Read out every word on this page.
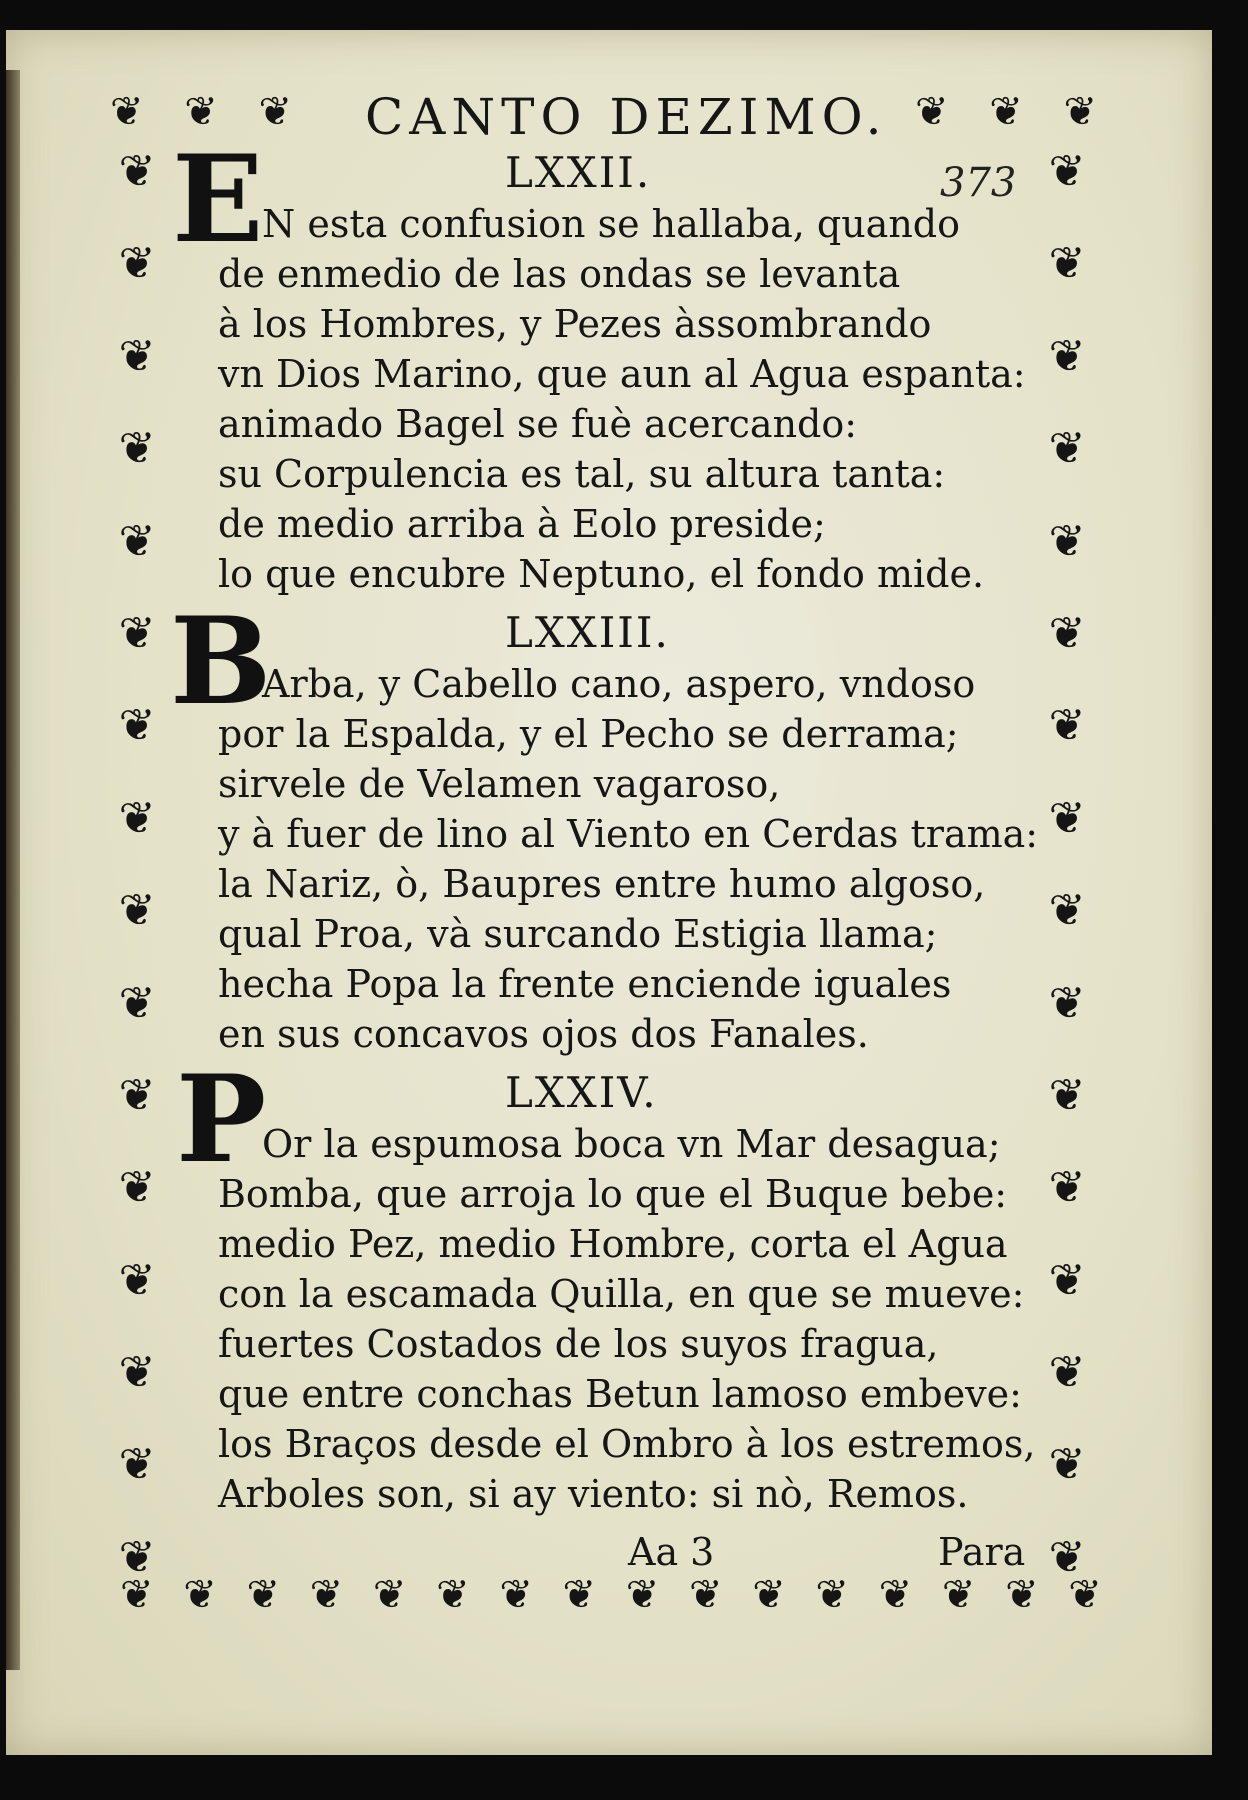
❦ ❦ ❦	❦ ❦ ❦
❦
❦
❦
❦
❦
❦
❦
❦
❦
❦
❦
❦
❦
❦
❦
❦
❦
❦
❦
❦
❦
❦
❦
❦
❦
❦
❦
❦
❦
❦
❦
❦
❦ ❦ ❦ ❦ ❦ ❦ ❦ ❦ ❦ ❦ ❦ ❦ ❦ ❦ ❦ ❦
CANTO DEZIMO.
373
LXXII.
E
N esta confusion se hallaba, quando
de enmedio de las ondas se levanta
à los Hombres, y Pezes àssombrando
vn Dios Marino, que aun al Agua espanta:
animado Bagel se fuè acercando:
su Corpulencia es tal, su altura tanta:
de medio arriba à Eolo preside;
lo que encubre Neptuno, el fondo mide.
LXXIII.
B
Arba, y Cabello cano, aspero, vndoso
por la Espalda, y el Pecho se derrama;
sirvele de Velamen vagaroso,
y à fuer de lino al Viento en Cerdas trama:
la Nariz, ò, Baupres entre humo algoso,
qual Proa, và surcando Estigia llama;
hecha Popa la frente enciende iguales
en sus concavos ojos dos Fanales.
LXXIV.
P
Or la espumosa boca vn Mar desagua;
Bomba, que arroja lo que el Buque bebe:
medio Pez, medio Hombre, corta el Agua
con la escamada Quilla, en que se mueve:
fuertes Costados de los suyos fragua,
que entre conchas Betun lamoso embeve:
los Braços desde el Ombro à los estremos,
Arboles son, si ay viento: si nò, Remos.
Aa 3	Para
